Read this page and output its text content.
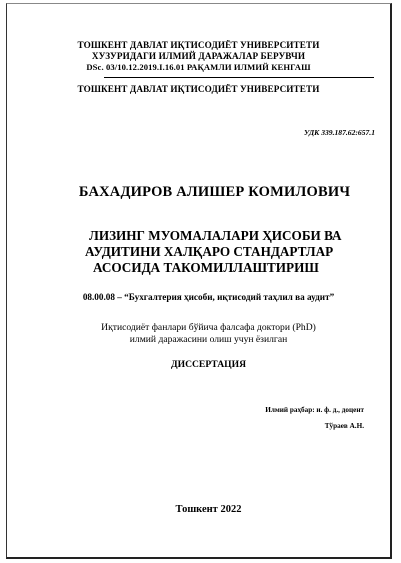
ТОШКЕНТ ДАВЛАТ ИҚТИСОДИЁТ УНИВЕРСИТЕТИ
ХУЗУРИДАГИ ИЛМИЙ ДАРАЖАЛАР БЕРУВЧИ
DSc. 03/10.12.2019.I.16.01 РАҚАМЛИ ИЛМИЙ КЕНГАШ
ТОШКЕНТ ДАВЛАТ ИҚТИСОДИЁТ УНИВЕРСИТЕТИ
УДК 339.187.62:657.1
БАХАДИРОВ АЛИШЕР КОМИЛОВИЧ
ЛИЗИНГ МУОМАЛАЛАРИ ҲИСОБИ ВА
АУДИТИНИ ХАЛҚАРО СТАНДАРТЛАР
АСОСИДА ТАКОМИЛЛАШТИРИШ
08.00.08 – “Бухгалтерия ҳисоби, иқтисодий таҳлил ва аудит”
Иқтисодиёт фанлари бўйича фалсафа доктори (PhD)
илмий даражасини олиш учун ёзилган
ДИССЕРТАЦИЯ
Илмий раҳбар: и. ф. д., доцент
Тўраев А.Н.
Тошкент 2022
